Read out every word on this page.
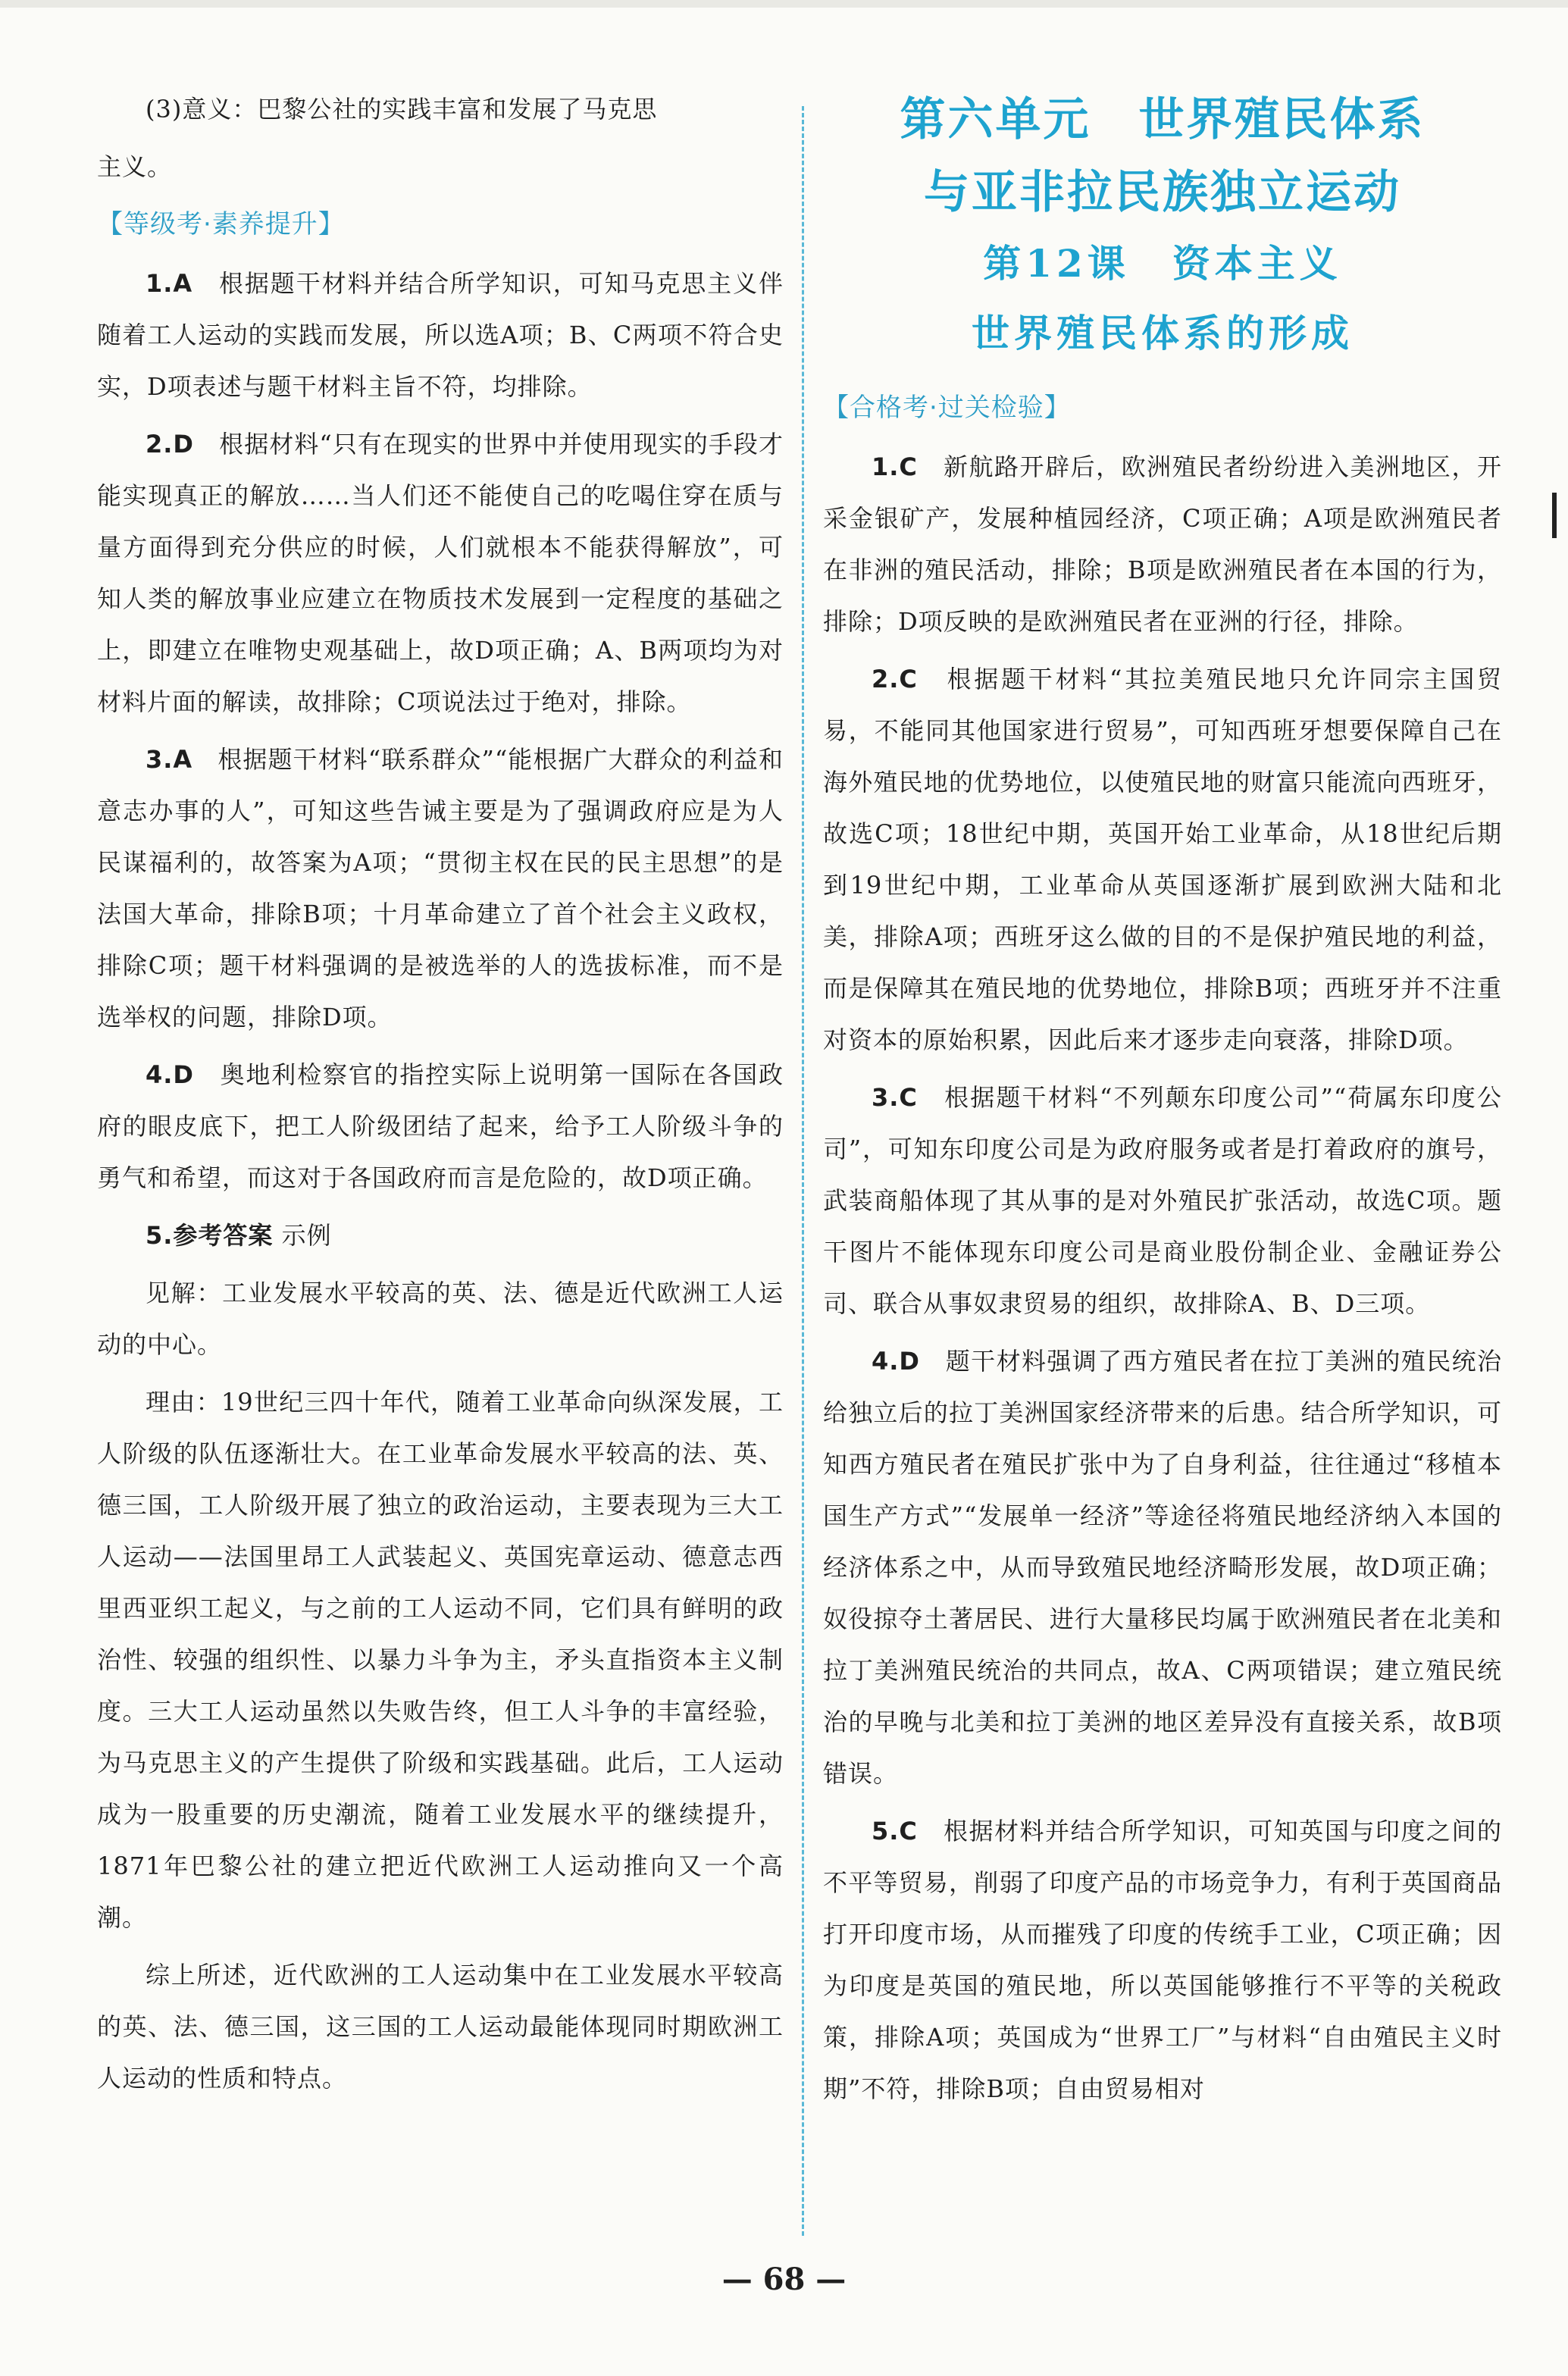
(3)意义：巴黎公社的实践丰富和发展了马克思

主义。

【等级考·素养提升】

1.A　 根据题干材料并结合所学知识，可知马克思主义伴随着工人运动的实践而发展，所以选A项；B、C两项不符合史实，D项表述与题干材料主旨不符，均排除。

2.D　 根据材料“只有在现实的世界中并使用现实的手段才能实现真正的解放……当人们还不能使自己的吃喝住穿在质与量方面得到充分供应的时候，人们就根本不能获得解放”，可知人类的解放事业应建立在物质技术发展到一定程度的基础之上，即建立在唯物史观基础上，故D项正确；A、B两项均为对材料片面的解读，故排除；C项说法过于绝对，排除。

3.A　 根据题干材料“联系群众”“能根据广大群众的利益和意志办事的人”，可知这些告诫主要是为了强调政府应是为人民谋福利的，故答案为A项；“贯彻主权在民的民主思想”的是法国大革命，排除B项；十月革命建立了首个社会主义政权，排除C项；题干材料强调的是被选举的人的选拔标准，而不是选举权的问题，排除D项。

4.D　 奥地利检察官的指控实际上说明第一国际在各国政府的眼皮底下，把工人阶级团结了起来，给予工人阶级斗争的勇气和希望，而这对于各国政府而言是危险的，故D项正确。

5.参考答案 示例

见解：工业发展水平较高的英、法、德是近代欧洲工人运动的中心。

理由：19世纪三四十年代，随着工业革命向纵深发展，工人阶级的队伍逐渐壮大。在工业革命发展水平较高的法、英、德三国，工人阶级开展了独立的政治运动，主要表现为三大工人运动——法国里昂工人武装起义、英国宪章运动、德意志西里西亚织工起义，与之前的工人运动不同，它们具有鲜明的政治性、较强的组织性、以暴力斗争为主，矛头直指资本主义制度。三大工人运动虽然以失败告终，但工人斗争的丰富经验，为马克思主义的产生提供了阶级和实践基础。此后，工人运动成为一股重要的历史潮流，随着工业发展水平的继续提升，1871年巴黎公社的建立把近代欧洲工人运动推向又一个高潮。

综上所述，近代欧洲的工人运动集中在工业发展水平较高的英、法、德三国，这三国的工人运动最能体现同时期欧洲工人运动的性质和特点。

第六单元　世界殖民体系
与亚非拉民族独立运动
第12课　资本主义
世界殖民体系的形成
【合格考·过关检验】

1.C　 新航路开辟后，欧洲殖民者纷纷进入美洲地区，开采金银矿产，发展种植园经济，C项正确；A项是欧洲殖民者在非洲的殖民活动，排除；B项是欧洲殖民者在本国的行为，排除；D项反映的是欧洲殖民者在亚洲的行径，排除。

2.C　 根据题干材料“其拉美殖民地只允许同宗主国贸易，不能同其他国家进行贸易”，可知西班牙想要保障自己在海外殖民地的优势地位，以使殖民地的财富只能流向西班牙，故选C项；18世纪中期，英国开始工业革命，从18世纪后期到19世纪中期，工业革命从英国逐渐扩展到欧洲大陆和北美，排除A项；西班牙这么做的目的不是保护殖民地的利益，而是保障其在殖民地的优势地位，排除B项；西班牙并不注重对资本的原始积累，因此后来才逐步走向衰落，排除D项。

3.C　 根据题干材料“不列颠东印度公司”“荷属东印度公司”，可知东印度公司是为政府服务或者是打着政府的旗号，武装商船体现了其从事的是对外殖民扩张活动，故选C项。题干图片不能体现东印度公司是商业股份制企业、金融证券公司、联合从事奴隶贸易的组织，故排除A、B、D三项。

4.D　 题干材料强调了西方殖民者在拉丁美洲的殖民统治给独立后的拉丁美洲国家经济带来的后患。结合所学知识，可知西方殖民者在殖民扩张中为了自身利益，往往通过“移植本国生产方式”“发展单一经济”等途径将殖民地经济纳入本国的经济体系之中，从而导致殖民地经济畸形发展，故D项正确；奴役掠夺土著居民、进行大量移民均属于欧洲殖民者在北美和拉丁美洲殖民统治的共同点，故A、C两项错误；建立殖民统治的早晚与北美和拉丁美洲的地区差异没有直接关系，故B项错误。

5.C　 根据材料并结合所学知识，可知英国与印度之间的不平等贸易，削弱了印度产品的市场竞争力，有利于英国商品打开印度市场，从而摧残了印度的传统手工业，C项正确；因为印度是英国的殖民地，所以英国能够推行不平等的关税政策，排除A项；英国成为“世界工厂”与材料“自由殖民主义时期”不符，排除B项；自由贸易相对

— 68 —
